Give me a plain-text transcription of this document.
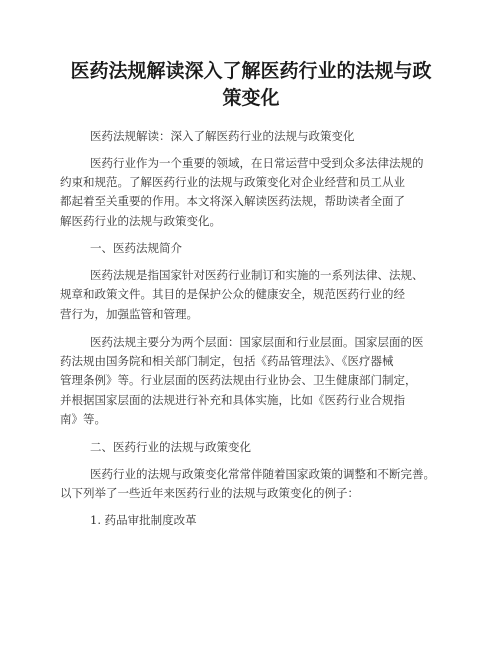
医药法规解读深入了解医药行业的法规与政
策变化
医药法规解读：深入了解医药行业的法规与政策变化
医药行业作为一个重要的领域，在日常运营中受到众多法律法规的
约束和规范。了解医药行业的法规与政策变化对企业经营和员工从业
都起着至关重要的作用。本文将深入解读医药法规，帮助读者全面了
解医药行业的法规与政策变化。
一、医药法规简介
医药法规是指国家针对医药行业制订和实施的一系列法律、法规、
规章和政策文件。其目的是保护公众的健康安全，规范医药行业的经
营行为，加强监管和管理。
医药法规主要分为两个层面：国家层面和行业层面。国家层面的医
药法规由国务院和相关部门制定，包括《药品管理法》、《医疗器械
管理条例》等。行业层面的医药法规由行业协会、卫生健康部门制定，
并根据国家层面的法规进行补充和具体实施，比如《医药行业合规指
南》等。
二、医药行业的法规与政策变化
医药行业的法规与政策变化常常伴随着国家政策的调整和不断完善。
以下列举了一些近年来医药行业的法规与政策变化的例子：
1. 药品审批制度改革
